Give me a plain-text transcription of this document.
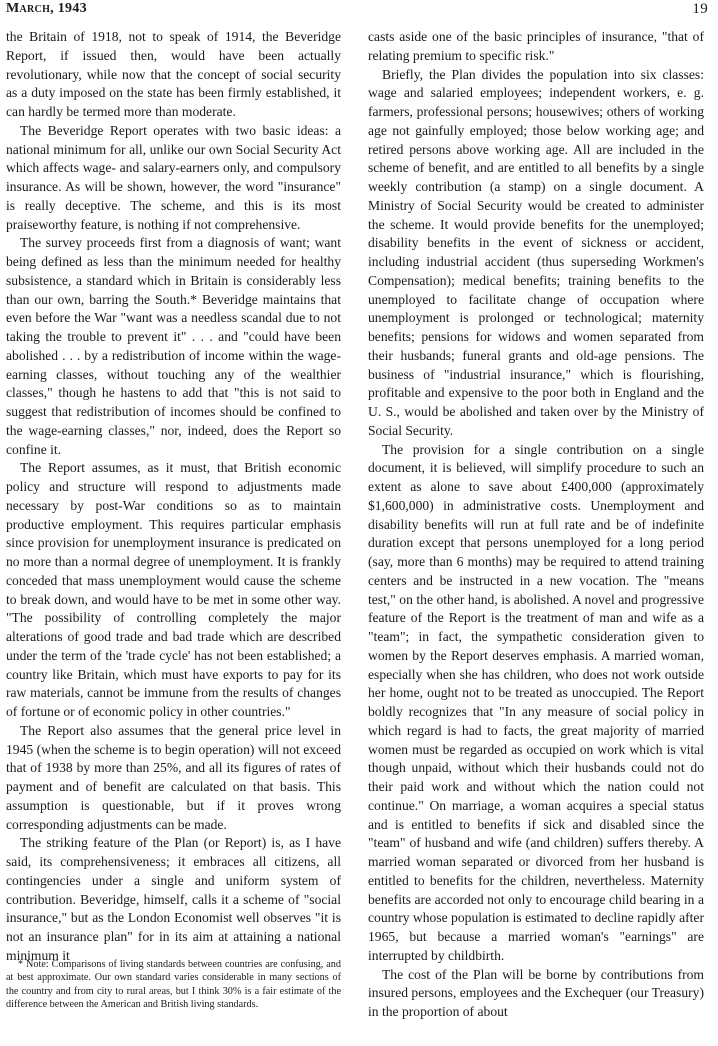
March, 1943	19

the Britain of 1918, not to speak of 1914, the Beveridge Report, if issued then, would have been actually revolutionary, while now that the concept of social security as a duty imposed on the state has been firmly established, it can hardly be termed more than moderate.

The Beveridge Report operates with two basic ideas: a national minimum for all, unlike our own Social Security Act which affects wage- and salary-earners only, and compulsory insurance. As will be shown, however, the word "insurance" is really deceptive. The scheme, and this is its most praiseworthy feature, is nothing if not comprehensive.

The survey proceeds first from a diagnosis of want; want being defined as less than the minimum needed for healthy subsistence, a standard which in Britain is considerably less than our own, barring the South.* Beveridge maintains that even before the War "want was a needless scandal due to not taking the trouble to prevent it" . . . and "could have been abolished . . . by a redistribution of income within the wage-earning classes, without touching any of the wealthier classes," though he hastens to add that "this is not said to suggest that redistribution of incomes should be confined to the wage-earning classes," nor, indeed, does the Report so confine it.

The Report assumes, as it must, that British economic policy and structure will respond to adjustments made necessary by post-War conditions so as to maintain productive employment. This requires particular emphasis since provision for unemployment insurance is predicated on no more than a normal degree of unemployment. It is frankly conceded that mass unemployment would cause the scheme to break down, and would have to be met in some other way. "The possibility of controlling completely the major alterations of good trade and bad trade which are described under the term of the 'trade cycle' has not been established; a country like Britain, which must have exports to pay for its raw materials, cannot be immune from the results of changes of fortune or of economic policy in other countries."

The Report also assumes that the general price level in 1945 (when the scheme is to begin operation) will not exceed that of 1938 by more than 25%, and all its figures of rates of payment and of benefit are calculated on that basis. This assumption is questionable, but if it proves wrong corresponding adjustments can be made.

The striking feature of the Plan (or Report) is, as I have said, its comprehensiveness; it embraces all citizens, all contingencies under a single and uniform system of contribution. Beveridge, himself, calls it a scheme of "social insurance," but as the London Economist well observes "it is not an insurance plan" for in its aim at attaining a national minimum it

* Note: Comparisons of living standards between countries are confusing, and at best approximate. Our own standard varies considerable in many sections of the country and from city to rural areas, but I think 30% is a fair estimate of the difference between the American and British living standards.

casts aside one of the basic principles of insurance, "that of relating premium to specific risk."

Briefly, the Plan divides the population into six classes: wage and salaried employees; independent workers, e. g. farmers, professional persons; housewives; others of working age not gainfully employed; those below working age; and retired persons above working age. All are included in the scheme of benefit, and are entitled to all benefits by a single weekly contribution (a stamp) on a single document. A Ministry of Social Security would be created to administer the scheme. It would provide benefits for the unemployed; disability benefits in the event of sickness or accident, including industrial accident (thus superseding Workmen's Compensation); medical benefits; training benefits to the unemployed to facilitate change of occupation where unemployment is prolonged or technological; maternity benefits; pensions for widows and women separated from their husbands; funeral grants and old-age pensions. The business of "industrial insurance," which is flourishing, profitable and expensive to the poor both in England and the U. S., would be abolished and taken over by the Ministry of Social Security.

The provision for a single contribution on a single document, it is believed, will simplify procedure to such an extent as alone to save about £400,000 (approximately $1,600,000) in administrative costs. Unemployment and disability benefits will run at full rate and be of indefinite duration except that persons unemployed for a long period (say, more than 6 months) may be required to attend training centers and be instructed in a new vocation. The "means test," on the other hand, is abolished. A novel and progressive feature of the Report is the treatment of man and wife as a "team"; in fact, the sympathetic consideration given to women by the Report deserves emphasis. A married woman, especially when she has children, who does not work outside her home, ought not to be treated as unoccupied. The Report boldly recognizes that "In any measure of social policy in which regard is had to facts, the great majority of married women must be regarded as occupied on work which is vital though unpaid, without which their husbands could not do their paid work and without which the nation could not continue." On marriage, a woman acquires a special status and is entitled to benefits if sick and disabled since the "team" of husband and wife (and children) suffers thereby. A married woman separated or divorced from her husband is entitled to benefits for the children, nevertheless. Maternity benefits are accorded not only to encourage child bearing in a country whose population is estimated to decline rapidly after 1965, but because a married woman's "earnings" are interrupted by childbirth.

The cost of the Plan will be borne by contributions from insured persons, employees and the Exchequer (our Treasury) in the proportion of about
